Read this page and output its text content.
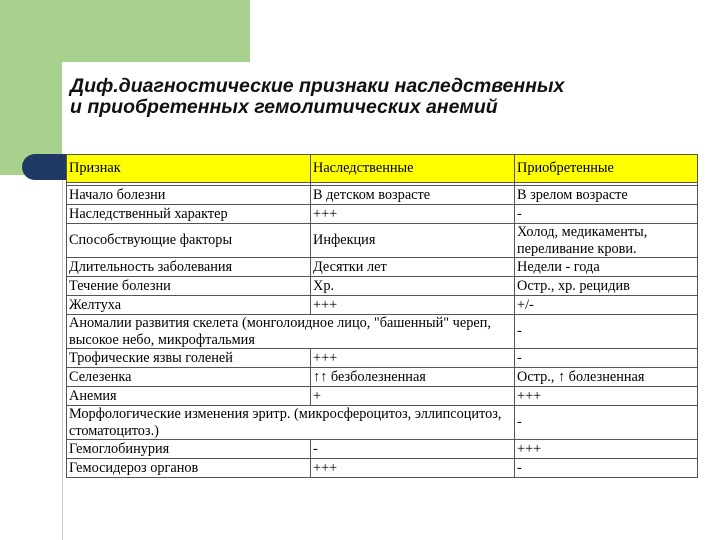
Диф.диагностические признаки наследственных
и приобретенных гемолитических анемий
Признак	Наследственные	Приобретенные

Начало болезни	В детском возрасте	В зрелом возрасте
Наследственный характер	+++	-
Способствующие факторы	Инфекция	Холод, медикаменты, переливание крови.
Длительность заболевания	Десятки лет	Недели - года
Течение болезни	Хр.	Остр., хр. рецидив
Желтуха	+++	+/-
Аномалии развития скелета (монголоидное лицо, "башенный" череп, высокое небо, микрофтальмия		-
Трофические язвы голеней	+++	-
Селезенка	↑↑ безболезненная	Остр., ↑ болезненная
Анемия	+	+++
Морфологические изменения эритр. (микросфероцитоз, эллипсоцитоз, стоматоцитоз.)		-
Гемоглобинурия	-	+++
Гемосидероз органов	+++	-
